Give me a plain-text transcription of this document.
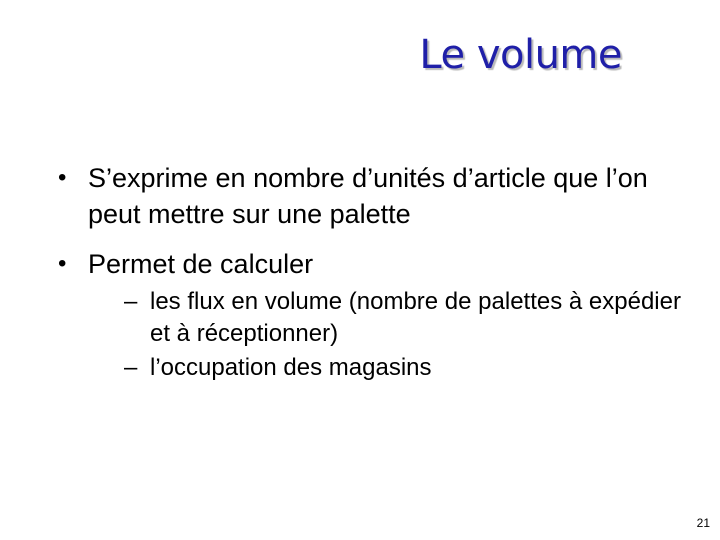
Le volume
• S’exprime en nombre d’unités d’article que l’on peut mettre sur une palette
• Permet de calculer
– les flux en volume (nombre de palettes à expédier et à réceptionner)
– l’occupation des magasins
21
